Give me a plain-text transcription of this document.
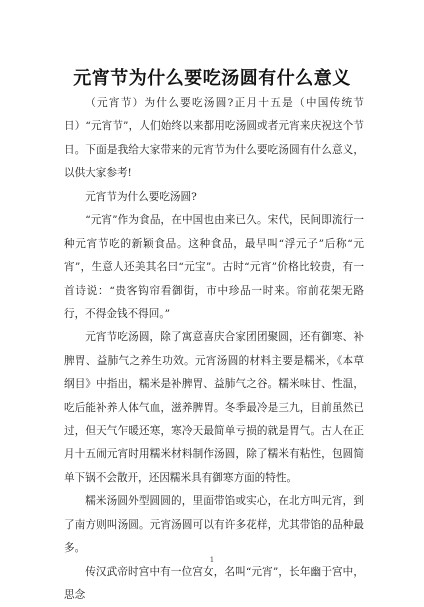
元宵节为什么要吃汤圆有什么意义

（元宵节）为什么要吃汤圆?正月十五是（中国传统节日）“元宵节”，人们始终以来都用吃汤圆或者元宵来庆祝这个节日。下面是我给大家带来的元宵节为什么要吃汤圆有什么意义，以供大家参考!

元宵节为什么要吃汤圆?

“元宵”作为食品，在中国也由来已久。宋代，民间即流行一种元宵节吃的新颖食品。这种食品，最早叫“浮元子”后称“元宵”，生意人还美其名曰“元宝”。古时“元宵”价格比较贵，有一首诗说：“贵客钩帘看御街，市中珍品一时来。帘前花架无路行，不得金钱不得回。”

元宵节吃汤圆，除了寓意喜庆合家团团聚圆，还有御寒、补脾胃、益肺气之养生功效。元宵汤圆的材料主要是糯米，《本草纲目》中指出，糯米是补脾胃、益肺气之谷。糯米味甘、性温，吃后能补养人体气血，滋养脾胃。冬季最冷是三九，目前虽然已过，但天气乍暖还寒，寒冷天最简单亏损的就是胃气。古人在正月十五闹元宵时用糯米材料制作汤圆，除了糯米有粘性，包圆简单下锅不会散开，还因糯米具有御寒方面的特性。

糯米汤圆外型圆圆的，里面带馅或实心，在北方叫元宵，到了南方则叫汤圆。元宵汤圆可以有许多花样，尤其带馅的品种最多。

传汉武帝时宫中有一位宫女，名叫“元宵”，长年幽于宫中，思念

1
